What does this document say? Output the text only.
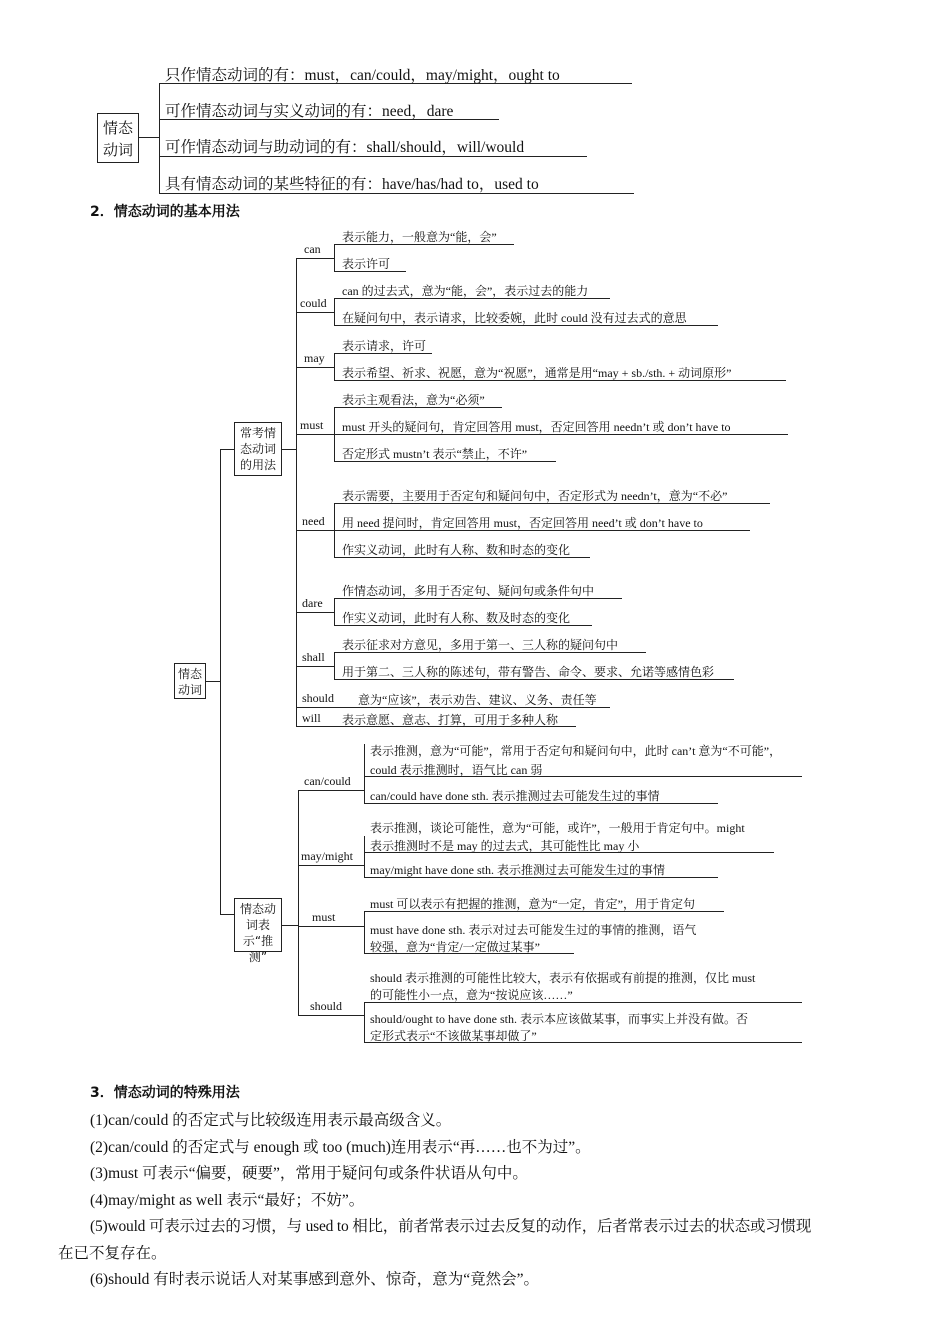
情态动词
只作情态动词的有：must，can/could，may/might，ought to
可作情态动词与实义动词的有：need，dare
可作情态动词与助动词的有：shall/should，will/would
具有情态动词的某些特征的有：have/has/had to，used to
2．情态动词的基本用法
情态动词
常考情态动词的用法
can
表示能力，一般意为“能，会”
表示许可
could
can 的过去式，意为“能，会”，表示过去的能力
在疑问句中，表示请求，比较委婉，此时 could 没有过去式的意思
may
表示请求，许可
表示希望、祈求、祝愿，意为“祝愿”，通常是用“may + sb./sth. + 动词原形”
must
表示主观看法，意为“必须”
must 开头的疑问句，肯定回答用 must，否定回答用 needn’t 或 don’t have to
否定形式 mustn’t 表示“禁止，不许”
need
表示需要，主要用于否定句和疑问句中，否定形式为 needn’t，意为“不必”
用 need 提问时，肯定回答用 must，否定回答用 need’t 或 don’t have to
作实义动词，此时有人称、数和时态的变化
dare
作情态动词，多用于否定句、疑问句或条件句中
作实义动词，此时有人称、数及时态的变化
shall
表示征求对方意见，多用于第一、三人称的疑问句中
用于第二、三人称的陈述句，带有警告、命令、要求、允诺等感情色彩
should 意为“应该”，表示劝告、建议、义务、责任等
will 表示意愿、意志、打算，可用于多种人称
情态动词表示“推测”
can/could
表示推测，意为“可能”，常用于否定句和疑问句中，此时 can’t 意为“不可能”，
could 表示推测时，语气比 can 弱
can/could have done sth. 表示推测过去可能发生过的事情
may/might
表示推测，谈论可能性，意为“可能，或许”，一般用于肯定句中。might
表示推测时不是 may 的过去式，其可能性比 may 小
may/might have done sth. 表示推测过去可能发生过的事情
must
must 可以表示有把握的推测，意为“一定，肯定”，用于肯定句
must have done sth. 表示对过去可能发生过的事情的推测，语气
较强，意为“肯定/一定做过某事”
should
should 表示推测的可能性比较大，表示有依据或有前提的推测，仅比 must
的可能性小一点，意为“按说应该……”
should/ought to have done sth. 表示本应该做某事，而事实上并没有做。否
定形式表示“不该做某事却做了”
3．情态动词的特殊用法

(1)can/could 的否定式与比较级连用表示最高级含义。

(2)can/could 的否定式与 enough 或 too (much)连用表示“再……也不为过”。

(3)must 可表示“偏要，硬要”，常用于疑问句或条件状语从句中。

(4)may/might as well 表示“最好；不妨”。

(5)would 可表示过去的习惯，与 used to 相比，前者常表示过去反复的动作，后者常表示过去的状态或习惯现

在已不复存在。

(6)should 有时表示说话人对某事感到意外、惊奇，意为“竟然会”。
